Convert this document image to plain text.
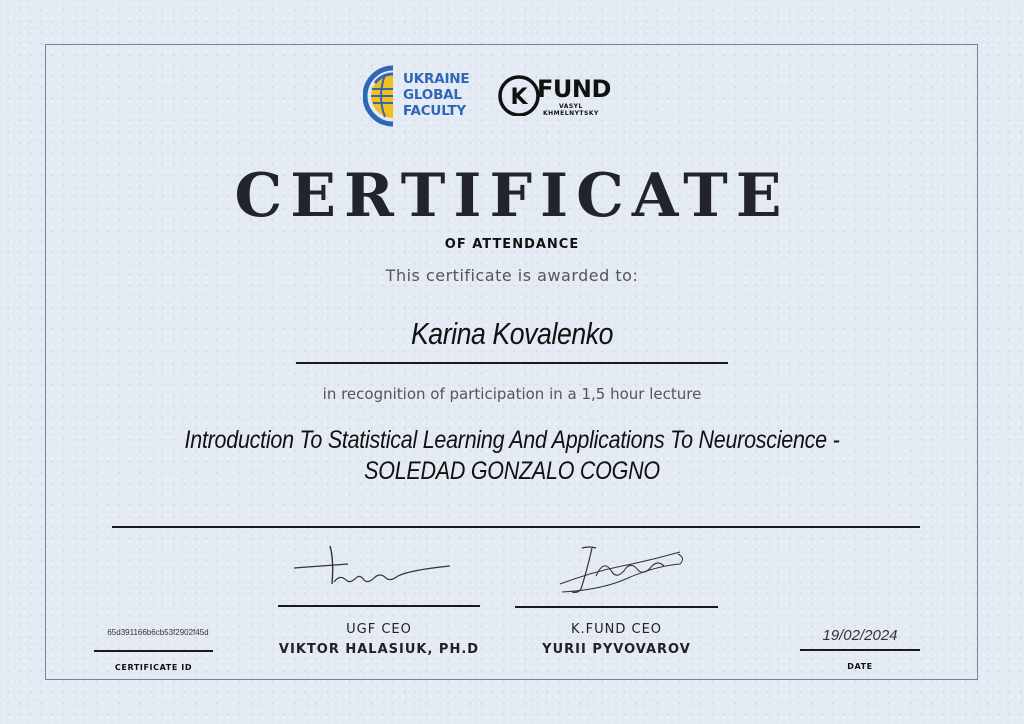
UKRAINE
GLOBAL
FACULTY
K FUND
VASYL
KHMELNYTSKY
CERTIFICATE
OF ATTENDANCE
This certificate is awarded to:
Karina Kovalenko
in recognition of participation in a 1,5 hour lecture
Introduction To Statistical Learning And Applications To Neuroscience -
SOLEDAD GONZALO COGNO
UGF CEO
VIKTOR HALASIUK, PH.D
K.FUND CEO
YURII PYVOVAROV
65d391166b6cb53f2902f45d
CERTIFICATE ID
19/02/2024
DATE
